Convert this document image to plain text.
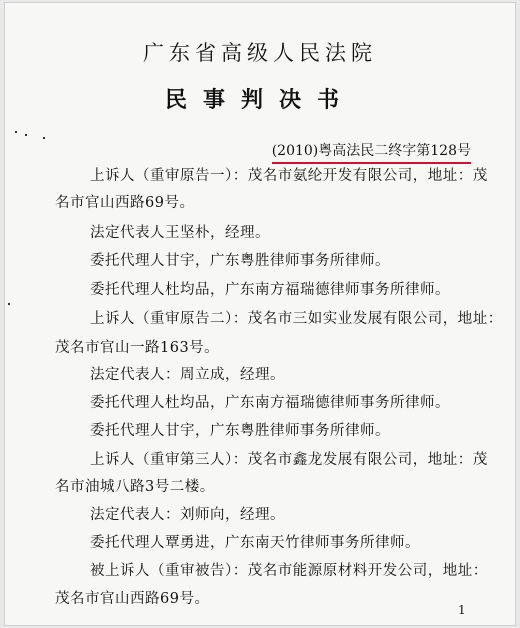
广东省高级人民法院
民事判决书
(2010)粤高法民二终字第128号
上诉人（重审原告一）：茂名市氨纶开发有限公司，地址：茂
名市官山西路69号。
法定代表人王坚朴，经理。
委托代理人甘宇，广东粤胜律师事务所律师。
委托代理人杜均品，广东南方福瑞德律师事务所律师。
上诉人（重审原告二）：茂名市三如实业发展有限公司，地址：
茂名市官山一路163号。
法定代表人：周立成，经理。
委托代理人杜均品，广东南方福瑞德律师事务所律师。
委托代理人甘宇，广东粤胜律师事务所律师。
上诉人（重审第三人）：茂名市鑫龙发展有限公司，地址：茂
名市油城八路3号二楼。
法定代表人：刘师向，经理。
委托代理人覃勇进，广东南天竹律师事务所律师。
被上诉人（重审被告）：茂名市能源原材料开发公司，地址：
茂名市官山西路69号。
1
